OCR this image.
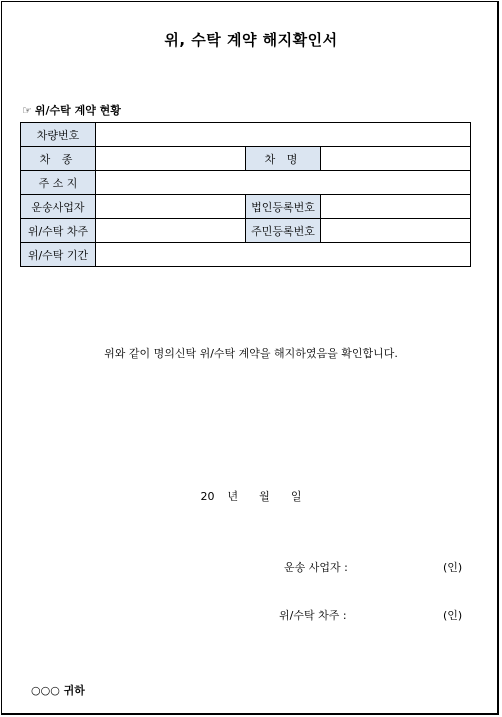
위, 수탁 계약 해지확인서
☞ 위/수탁 계약 현황
차량번호			
차 종		차 명	
주 소 지			
운송사업자		법인등록번호	
위/수탁 차주		주민등록번호	
위/수탁 기간			
위와 같이 명의신탁 위/수탁 계약을 해지하였음을 확인합니다.
20 년 월 일
운송 사업자 :	(인)
위/수탁 차주 :	(인)
○○○ 귀하
